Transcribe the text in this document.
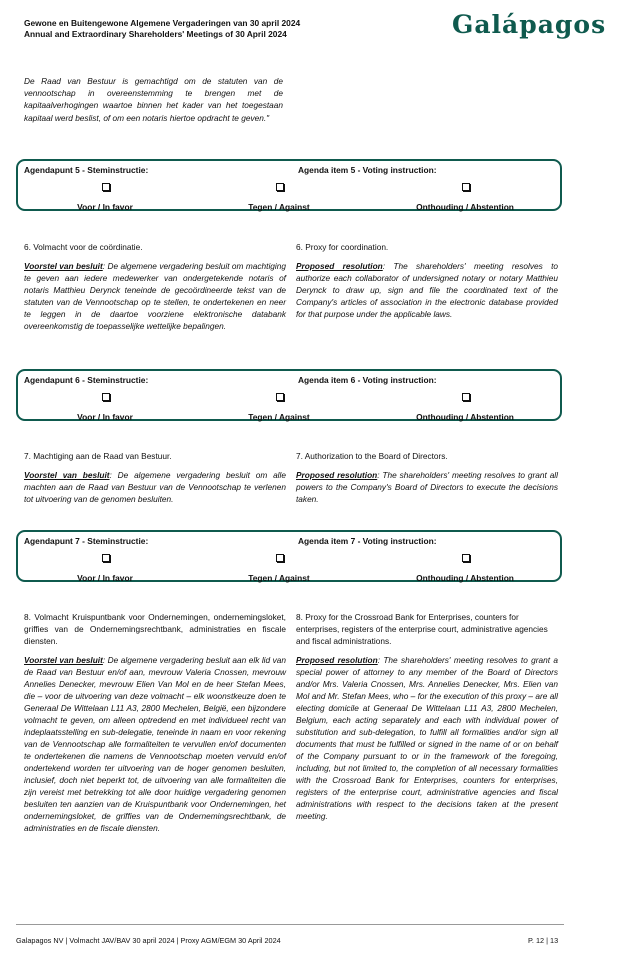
Gewone en Buitengewone Algemene Vergaderingen van 30 april 2024
Annual and Extraordinary Shareholders' Meetings of 30 April 2024	Galápagos
De Raad van Bestuur is gemachtigd om de statuten van de vennootschap in overeenstemming te brengen met de kapitaalverhogingen waartoe binnen het kader van het toegestaan kapitaal werd beslist, of om een notaris hiertoe opdracht te geven."
Agendapunt 5 - Steminstructie:	Agenda item 5 - Voting instruction:
Voor / In favor	Tegen / Against	Onthouding / Abstention

6. Volmacht voor de coördinatie.

Voorstel van besluit: De algemene vergadering besluit om machtiging te geven aan iedere medewerker van ondergetekende notaris of notaris Matthieu Derynck teneinde de gecoördineerde tekst van de statuten van de Vennootschap op te stellen, te ondertekenen en neer te leggen in de daartoe voorziene elektronische databank overeenkomstig de toepasselijke wettelijke bepalingen.

6. Proxy for coordination.

Proposed resolution: The shareholders' meeting resolves to authorize each collaborator of undersigned notary or notary Matthieu Derynck to draw up, sign and file the coordinated text of the Company's articles of association in the electronic database provided for that purpose under the applicable laws.
Agendapunt 6 - Steminstructie:	Agenda item 6 - Voting instruction:
Voor / In favor	Tegen / Against	Onthouding / Abstention

7. Machtiging aan de Raad van Bestuur.

Voorstel van besluit: De algemene vergadering besluit om alle machten aan de Raad van Bestuur van de Vennootschap te verlenen tot uitvoering van de genomen besluiten.

7. Authorization to the Board of Directors.

Proposed resolution: The shareholders' meeting resolves to grant all powers to the Company's Board of Directors to execute the decisions taken.
Agendapunt 7 - Steminstructie:	Agenda item 7 - Voting instruction:
Voor / In favor	Tegen / Against	Onthouding / Abstention

8. Volmacht Kruispuntbank voor Ondernemingen, ondernemingsloket, griffies van de Ondernemingsrechtbank, administraties en fiscale diensten.

Voorstel van besluit: De algemene vergadering besluit aan elk lid van de Raad van Bestuur en/of aan, mevrouw Valeria Cnossen, mevrouw Annelies Denecker, mevrouw Elien Van Mol en de heer Stefan Mees, die – voor de uitvoering van deze volmacht – elk woonstkeuze doen te Generaal De Wittelaan L11 A3, 2800 Mechelen, België, een bijzondere volmacht te geven, om alleen optredend en met individueel recht van indeplaatsstelling en sub-delegatie, teneinde in naam en voor rekening van de Vennootschap alle formaliteiten te vervullen en/of documenten te ondertekenen die namens de Vennootschap moeten vervuld en/of ondertekend worden ter uitvoering van de hoger genomen besluiten, inclusief, doch niet beperkt tot, de uitvoering van alle formaliteiten die zijn vereist met betrekking tot alle door huidige vergadering genomen besluiten ten aanzien van de Kruispuntbank voor Ondernemingen, het ondernemingsloket, de griffies van de Ondernemingsrechtbank, de administraties en de fiscale diensten.

8. Proxy for the Crossroad Bank for Enterprises, counters for enterprises, registers of the enterprise court, administrative agencies and fiscal administrations.

Proposed resolution: The shareholders' meeting resolves to grant a special power of attorney to any member of the Board of Directors and/or Mrs. Valeria Cnossen, Mrs. Annelies Denecker, Mrs. Elien van Mol and Mr. Stefan Mees, who – for the execution of this proxy – are all electing domicile at Generaal De Wittelaan L11 A3, 2800 Mechelen, Belgium, each acting separately and each with individual power of substitution and sub-delegation, to fulfill all formalities and/or sign all documents that must be fulfilled or signed in the name of or on behalf of the Company pursuant to or in the framework of the foregoing, including, but not limited to, the completion of all necessary formalities with the Crossroad Bank for Enterprises, counters for enterprises, registers of the enterprise court, administrative agencies and fiscal administrations with respect to the decisions taken at the present meeting.
Galapagos NV | Volmacht JAV/BAV 30 april 2024 | Proxy AGM/EGM 30 April 2024	P. 12 | 13
